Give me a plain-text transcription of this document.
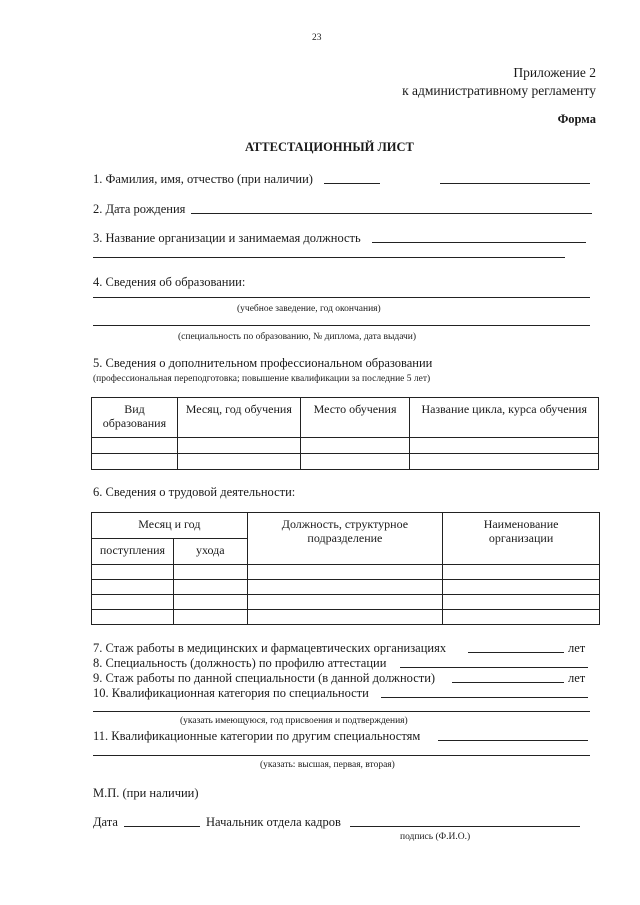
23
Приложение 2
к административному регламенту
Форма
АТТЕСТАЦИОННЫЙ ЛИСТ
1. Фамилия, имя, отчество (при наличии)
2. Дата рождения
3. Название организации и занимаемая должность
4. Сведения об образовании:
(учебное заведение, год окончания)
(специальность по образованию, № диплома, дата выдачи)
5. Сведения о дополнительном профессиональном образовании
(профессиональная переподготовка; повышение квалификации за последние 5 лет)
Вид образования	Месяц, год обучения	Место обучения	Название цикла, курса обучения

6. Сведения о трудовой деятельности:
Месяц и год		Должность, структурное подразделение	Наименование организации
поступления	ухода		

7. Стаж работы в медицинских и фармацевтических организациях	лет
8. Специальность (должность) по профилю аттестации
9. Стаж работы по данной специальности (в данной должности)	лет
10. Квалификационная категория по специальности
(указать имеющуюся, год присвоения и подтверждения)
11. Квалификационные категории по другим специальностям
(указать: высшая, первая, вторая)
М.П. (при наличии)
Дата	Начальник отдела кадров
подпись (Ф.И.О.)
